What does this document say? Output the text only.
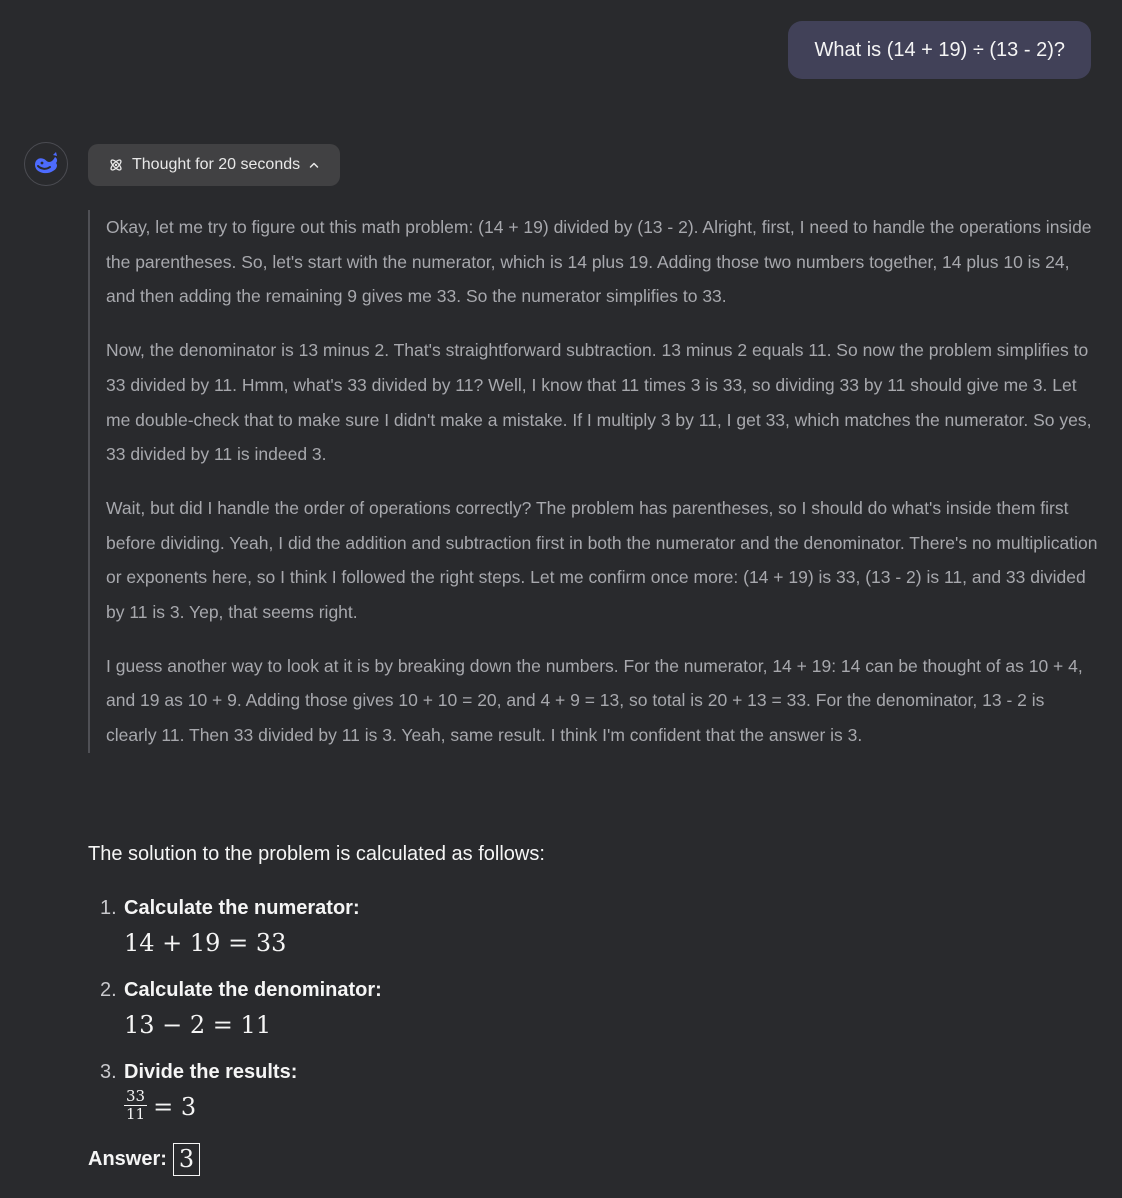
What is (14 + 19) ÷ (13 - 2)?
Thought for 20 seconds

Okay, let me try to figure out this math problem: (14 + 19) divided by (13 - 2). Alright, first, I need to handle the operations inside the parentheses. So, let's start with the numerator, which is 14 plus 19. Adding those two numbers together, 14 plus 10 is 24, and then adding the remaining 9 gives me 33. So the numerator simplifies to 33.

Now, the denominator is 13 minus 2. That's straightforward subtraction. 13 minus 2 equals 11. So now the problem simplifies to 33 divided by 11. Hmm, what's 33 divided by 11? Well, I know that 11 times 3 is 33, so dividing 33 by 11 should give me 3. Let me double-check that to make sure I didn't make a mistake. If I multiply 3 by 11, I get 33, which matches the numerator. So yes, 33 divided by 11 is indeed 3.

Wait, but did I handle the order of operations correctly? The problem has parentheses, so I should do what's inside them first before dividing. Yeah, I did the addition and subtraction first in both the numerator and the denominator. There's no multiplication or exponents here, so I think I followed the right steps. Let me confirm once more: (14 + 19) is 33, (13 - 2) is 11, and 33 divided by 11 is 3. Yep, that seems right.

I guess another way to look at it is by breaking down the numbers. For the numerator, 14 + 19: 14 can be thought of as 10 + 4, and 19 as 10 + 9. Adding those gives 10 + 10 = 20, and 4 + 9 = 13, so total is 20 + 13 = 33. For the denominator, 13 - 2 is clearly 11. Then 33 divided by 11 is 3. Yeah, same result. I think I'm confident that the answer is 3.

The solution to the problem is calculated as follows:

1. Calculate the numerator:
14 + 19 = 33
2. Calculate the denominator:
13 − 2 = 11
3. Divide the results:
$\frac{33}{11} = 3$
Answer: 3
